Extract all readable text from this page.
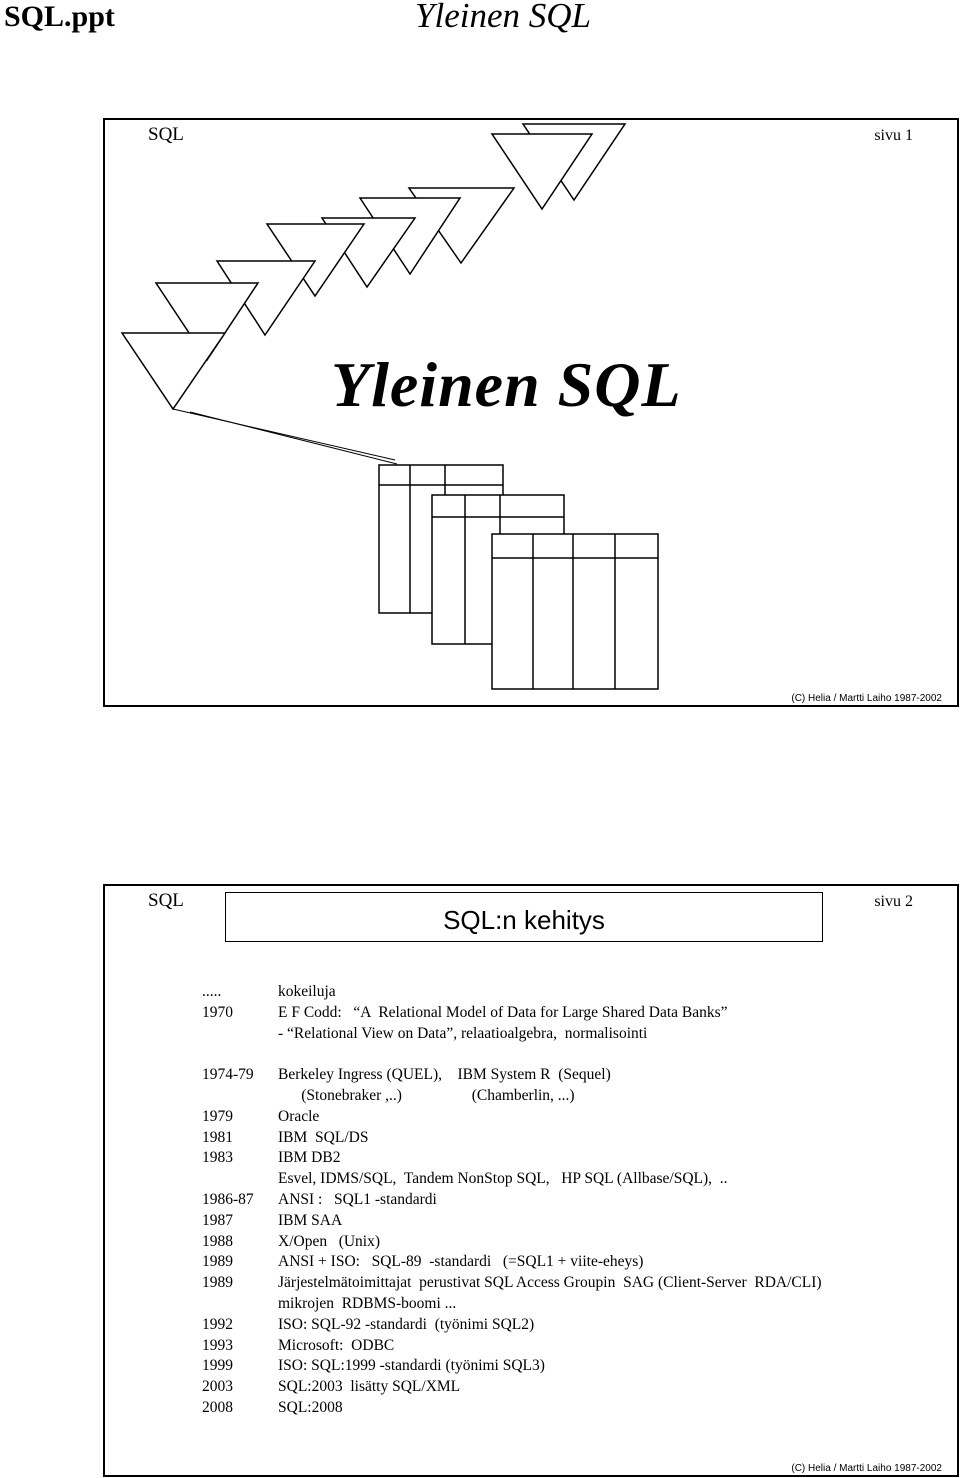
SQL.ppt	Yleinen SQL
SQL	sivu 1
Yleinen SQL
(C) Helia / Martti Laiho 1987-2002
SQL	sivu 2
SQL:n kehitys
.....	kokeiluja
1970	E F Codd:   “A  Relational Model of Data for Large Shared Data Banks”
- “Relational View on Data”, relaatioalgebra,  normalisointi
1974-79	Berkeley Ingress (QUEL),    IBM System R  (Sequel)
(Stonebraker ,..)                  (Chamberlin, ...)
1979	Oracle
1981	IBM  SQL/DS
1983	IBM DB2
Esvel, IDMS/SQL,  Tandem NonStop SQL,   HP SQL (Allbase/SQL),  ..
1986-87	ANSI :   SQL1 -standardi
1987	IBM SAA
1988	X/Open   (Unix)
1989	ANSI + ISO:   SQL-89  -standardi   (=SQL1 + viite-eheys)
1989	Järjestelmätoimittajat  perustivat SQL Access Groupin  SAG (Client-Server  RDA/CLI)
mikrojen  RDBMS-boomi ...
1992	ISO: SQL-92 -standardi  (työnimi SQL2)
1993	Microsoft:  ODBC
1999	ISO: SQL:1999 -standardi (työnimi SQL3)
2003	SQL:2003  lisätty SQL/XML
2008	SQL:2008
(C) Helia / Martti Laiho 1987-2002
